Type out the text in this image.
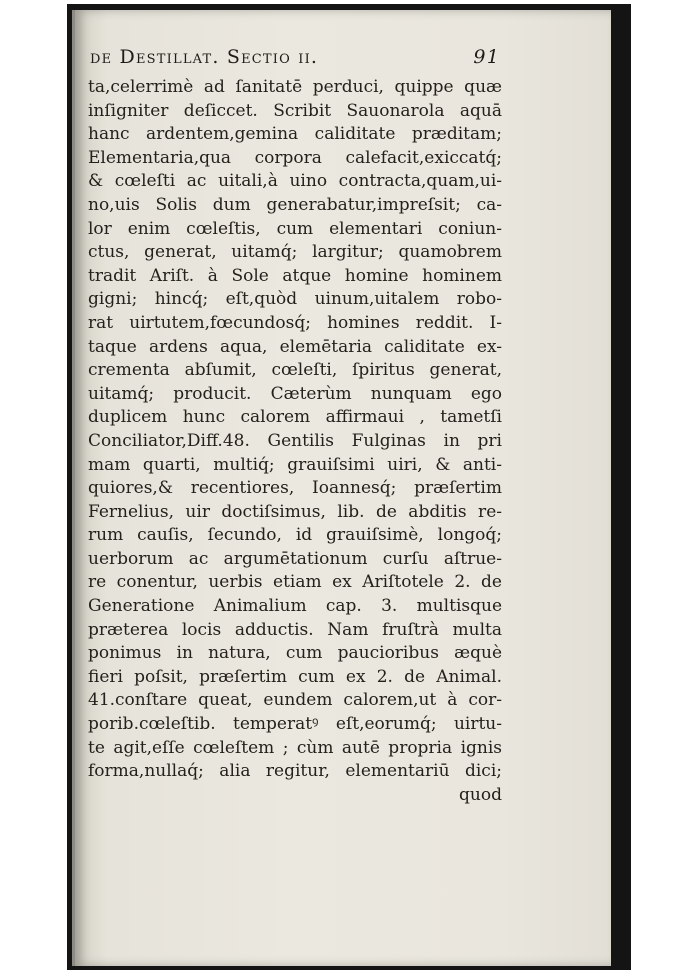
de Destillat. Sectio ii.	91
ta,celerrimè ad ſanitatē perduci, quippe quæ
inſigniter deſiccet. Scribit Sauonarola aquā
hanc ardentem,gemina caliditate præditam;
Elementaria,qua corpora calefacit,exiccatq́;
& cœleſti ac uitali,à uino contracta,quam,ui-
no,uis Solis dum generabatur,impreſsit; ca-
lor enim cœleſtis, cum elementari coniun-
ctus, generat, uitamq́; largitur; quamobrem
tradit Ariſt. à Sole atque homine hominem
gigni; hincq́; eſt,quòd uinum,uitalem robo-
rat uirtutem,fœcundosq́; homines reddit. I-
taque ardens aqua, elemētaria caliditate ex-
crementa abſumit, cœleſti, ſpiritus generat,
uitamq́; producit. Cæterùm nunquam ego
duplicem hunc calorem affirmaui , tametſi
Conciliator,Diff.48. Gentilis Fulginas in pri
mam quarti, multiq́; grauiſsimi uiri, & anti-
quiores,& recentiores, Ioannesq́; præſertim
Fernelius, uir doctiſsimus, lib. de abditis re-
rum cauſis, ſecundo, id grauiſsimè, longoq́;
uerborum ac argumētationum curſu aſtrue-
re conentur, uerbis etiam ex Ariſtotele 2. de
Generatione Animalium cap. 3. multisque
præterea locis adductis. Nam fruſtrà multa
ponimus in natura, cum paucioribus æquè
fieri poſsit, præſertim cum ex 2. de Animal.
41.conſtare queat, eundem calorem,ut à cor-
porib.cœleſtib. temperatꝰ eſt,eorumq́; uirtu-
te agit,eſſe cœleſtem ; cùm autē propria ignis
forma,nullaq́; alia regitur, elementariū dici;
quod
